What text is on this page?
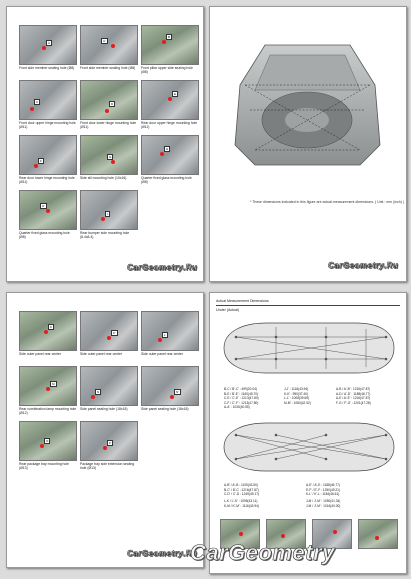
A
Front side member sealing hole (Ø8)
A'
Front side member sealing hole (Ø8)
B
Front pillar upper side sealing hole (Ø8)
C
Front door upper hinge mounting hole (Ø11)
D
Front door lower hinge mounting hole (Ø11)
E
Rear door upper hinge mounting hole (Ø11)
F
Rear door lower hinge mounting hole (Ø11)
G
Side sill mounting hole (10x16)
H
Quarter fixed glass mounting hole (Ø8)
H'
Quarter fixed glass mounting hole (Ø8)
I
Rear bumper side mounting hole (8.4x8.4)
CarGeometry.Ru
* These dimensions indicated in this figure are actual-measurement dimensions. ( Unit : mm (inch) )
CarGeometry.Ru
K
Side outer panel rear center
K'
Side outer panel rear center
L
Side outer panel rear center
M
Rear combination lamp mounting hole (Ø12)
N
Side panel sealing hole (18x18)
N'
Side panel sealing hole (18x18)
O
Rear package tray mounting hole (Ø13)
P
Package tray side extension sealing hole (Ø13)
CarGeometry.Ru
Actual Measurement Dimensions
Under (Actual)
B-C / B'-C' : 499(20.04)
B-E / B'-E' : 1160(45.70)
C-E / C'-E' : 1213(47.80)
C-F / C'-F' : 1213(47.80)
A-A' : 1030(40.55)
J-J' : 1116(43.94)
K-K' : 950(37.40)
L-L' : 1008(39.69)
M-M' : 1080(42.52)
A-B / A'-B' : 1216(47.87)
A-D / A'-D' : 1188(46.77)
A-E / A'-E' : 1216(47.87)
F-G / F'-G' : 1201(47.28)
A-B' / A'-B : 1105(43.50)
B-C' / B'-C : 1216(47.87)
C-D' / C'-D : 1249(49.17)
A-E' / A'-E : 1188(46.77)
E-F' / E'-F : 1250(49.21)
K-L' / K'-L : 1184(46.61)
L-K / L'-K' : 1095(43.11)
K-M / K'-M' : 1116(43.94)
J-M / J'-M' : 1050(41.34)
J-M / J'-M' : 1016(40.00)
CarGeometry
